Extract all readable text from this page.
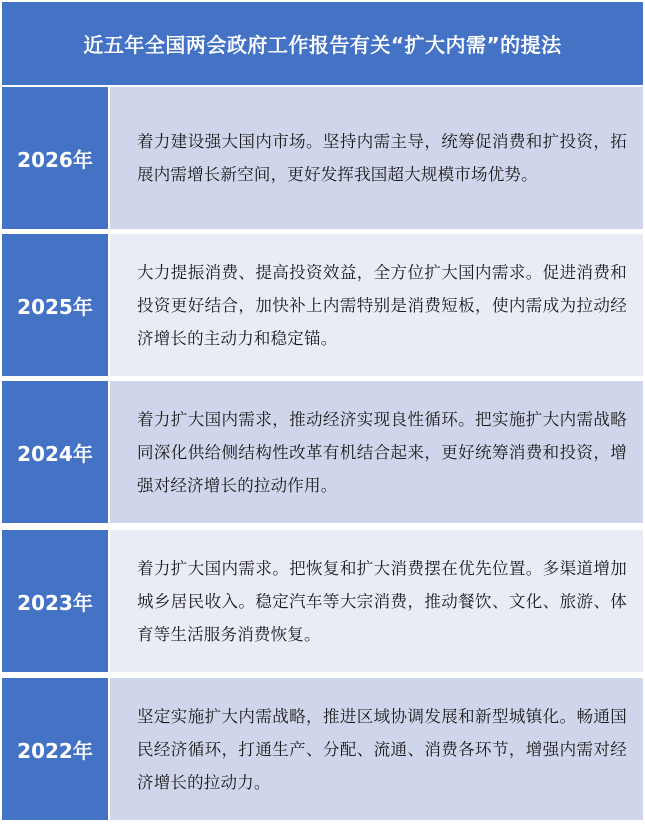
近五年全国两会政府工作报告有关“扩大内需”的提法
2026年

着力建设强大国内市场。坚持内需主导，统筹促消费和扩投资，拓展内需增长新空间，更好发挥我国超大规模市场优势。

2025年

大力提振消费、提高投资效益，全方位扩大国内需求。促进消费和投资更好结合，加快补上内需特别是消费短板，使内需成为拉动经济增长的主动力和稳定锚。

2024年

着力扩大国内需求，推动经济实现良性循环。把实施扩大内需战略同深化供给侧结构性改革有机结合起来，更好统筹消费和投资，增强对经济增长的拉动作用。

2023年

着力扩大国内需求。把恢复和扩大消费摆在优先位置。多渠道增加城乡居民收入。稳定汽车等大宗消费，推动餐饮、文化、旅游、体育等生活服务消费恢复。

2022年

坚定实施扩大内需战略，推进区域协调发展和新型城镇化。畅通国民经济循环，打通生产、分配、流通、消费各环节，增强内需对经济增长的拉动力。
